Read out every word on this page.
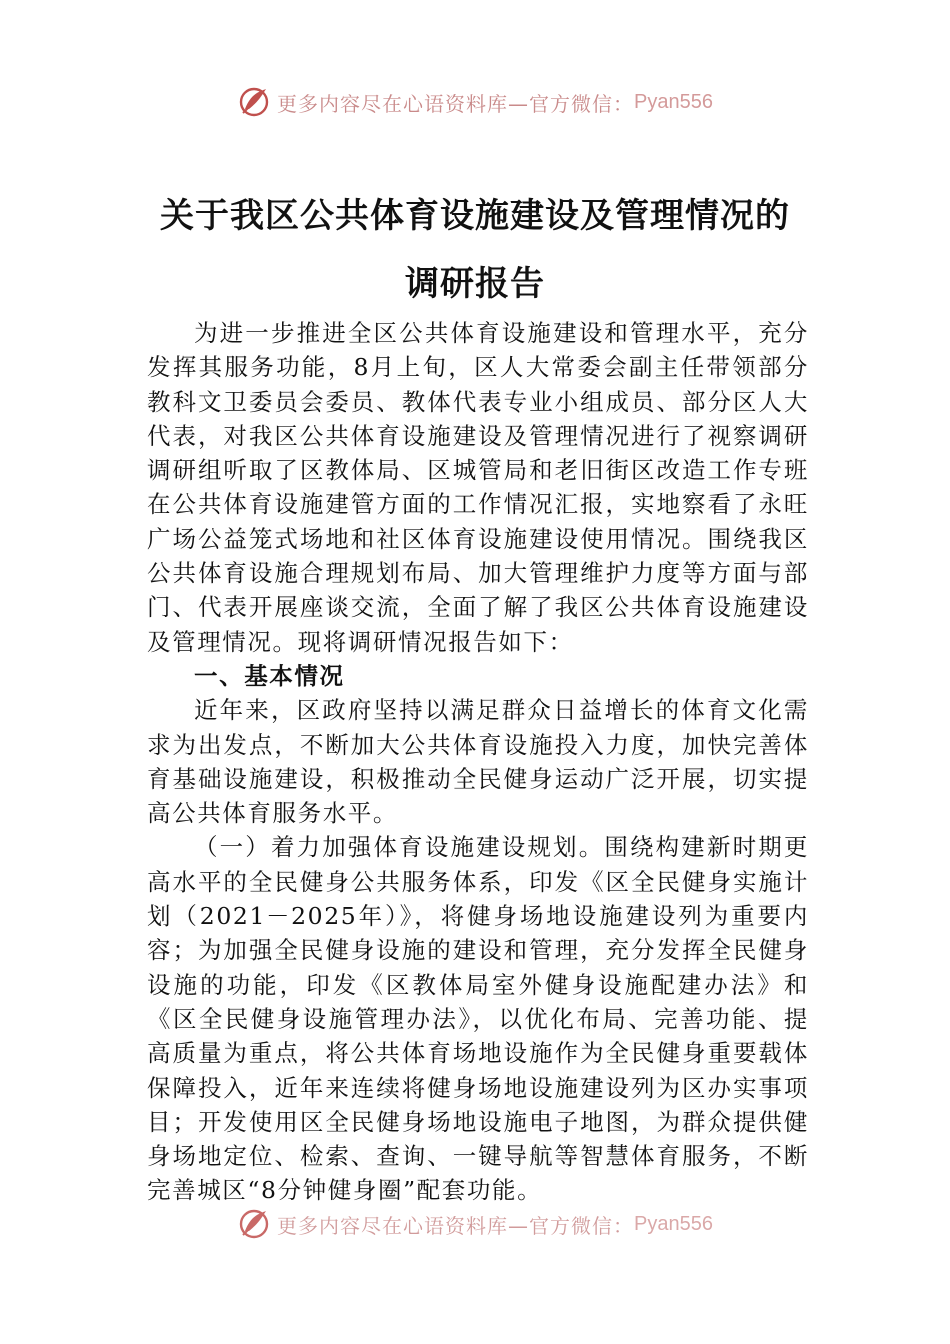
更多内容尽在心语资料库—官方微信： Pyan556
关于我区公共体育设施建设及管理情况的
调研报告

为进一步推进全区公共体育设施建设和管理水平，充分发挥其服务功能，8月上旬，区人大常委会副主任带领部分教科文卫委员会委员、教体代表专业小组成员、部分区人大代表，对我区公共体育设施建设及管理情况进行了视察调研调研组听取了区教体局、区城管局和老旧街区改造工作专班在公共体育设施建管方面的工作情况汇报，实地察看了永旺广场公益笼式场地和社区体育设施建设使用情况。围绕我区公共体育设施合理规划布局、加大管理维护力度等方面与部门、代表开展座谈交流，全面了解了我区公共体育设施建设及管理情况。现将调研情况报告如下：

一、基本情况

近年来，区政府坚持以满足群众日益增长的体育文化需求为出发点，不断加大公共体育设施投入力度，加快完善体育基础设施建设，积极推动全民健身运动广泛开展，切实提高公共体育服务水平。

（一）着力加强体育设施建设规划。围绕构建新时期更高水平的全民健身公共服务体系，印发《区全民健身实施计划（2021－2025年）》，将健身场地设施建设列为重要内容；为加强全民健身设施的建设和管理，充分发挥全民健身设施的功能，印发《区教体局室外健身设施配建办法》和《区全民健身设施管理办法》，以优化布局、完善功能、提高质量为重点，将公共体育场地设施作为全民健身重要载体保障投入，近年来连续将健身场地设施建设列为区办实事项目；开发使用区全民健身场地设施电子地图，为群众提供健身场地定位、检索、查询、一键导航等智慧体育服务，不断完善城区“8分钟健身圈”配套功能。

更多内容尽在心语资料库—官方微信： Pyan556
